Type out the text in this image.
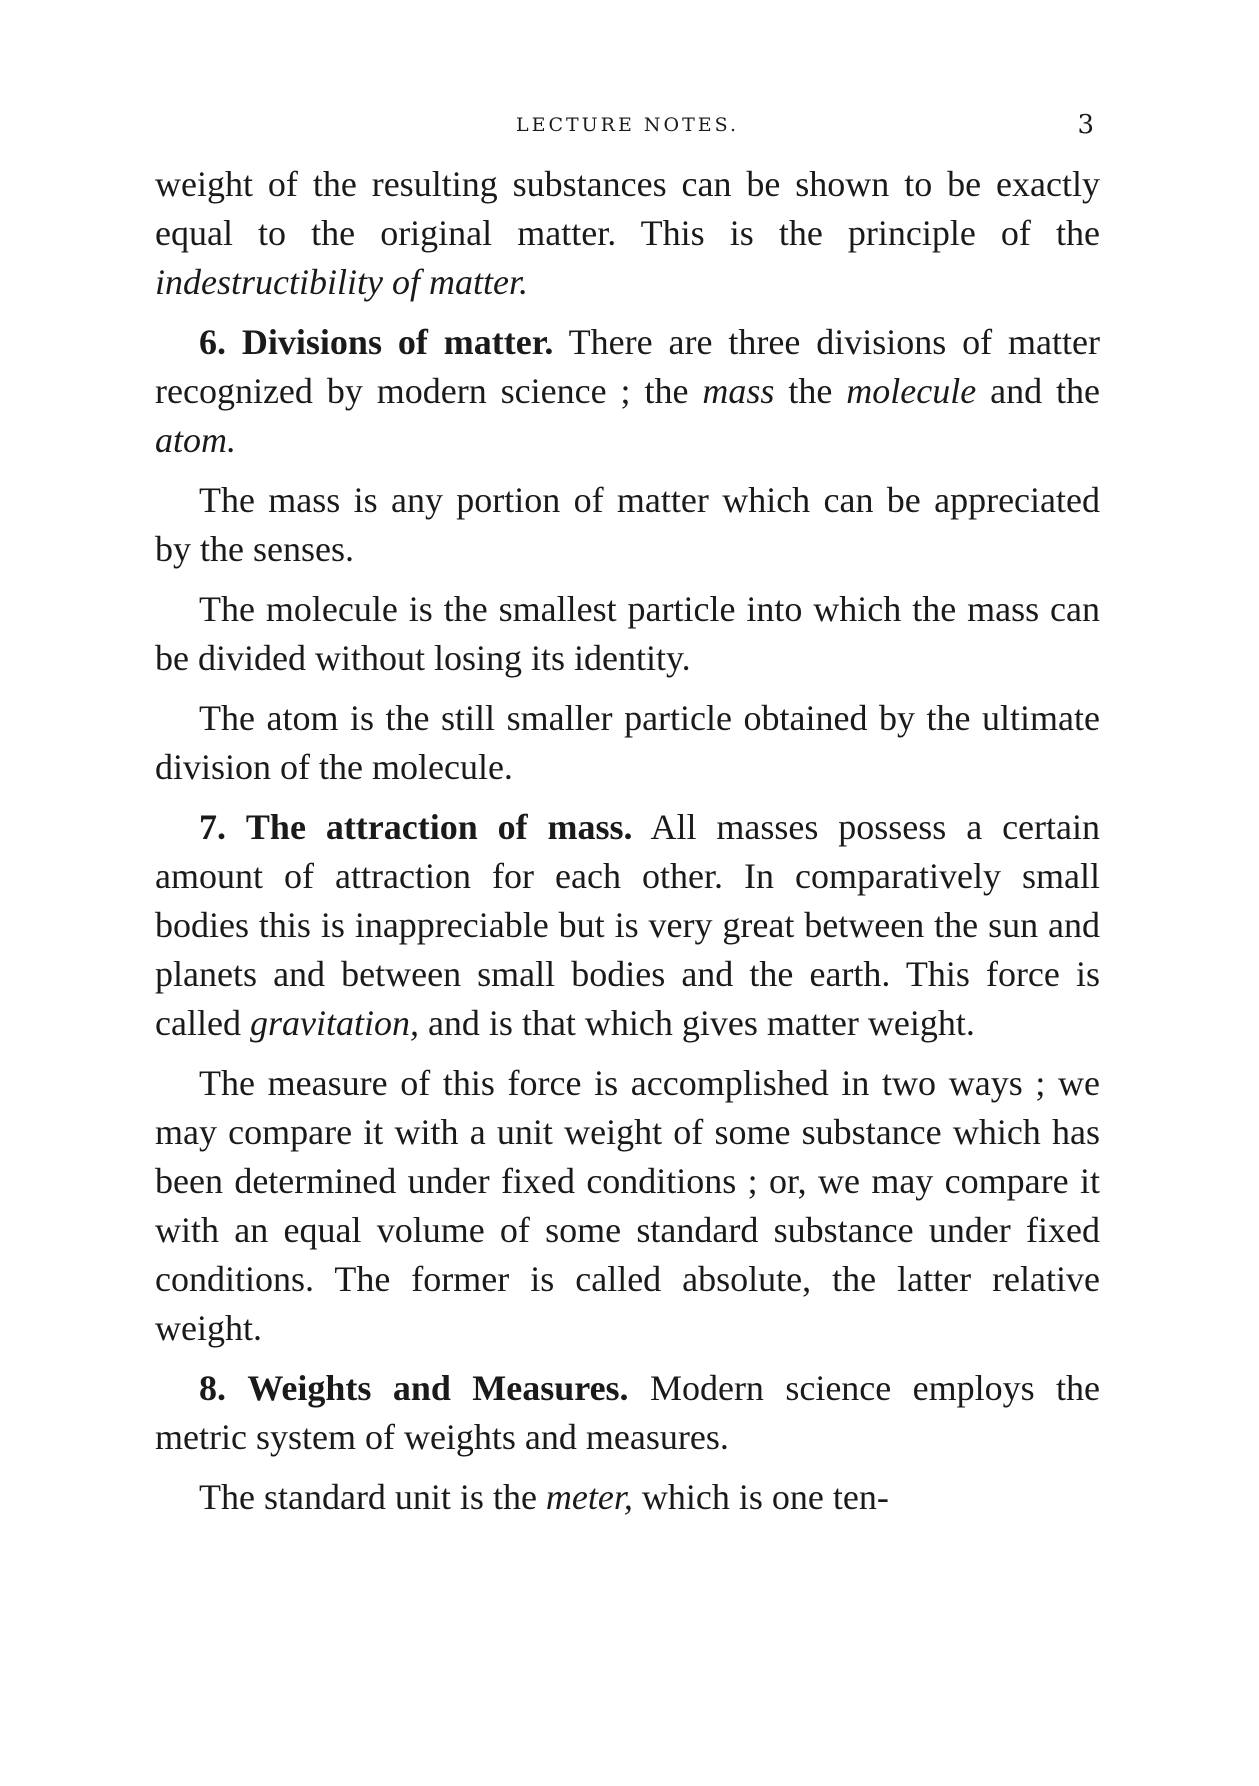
LECTURE NOTES.	3

weight of the resulting substances can be shown to be exactly equal to the original matter. This is the principle of the indestructibility of matter.

6. Divisions of matter. There are three divisions of matter recognized by modern science ; the mass the molecule and the atom.

The mass is any portion of matter which can be appreciated by the senses.

The molecule is the smallest particle into which the mass can be divided without losing its identity.

The atom is the still smaller particle obtained by the ultimate division of the molecule.

7. The attraction of mass. All masses possess a certain amount of attraction for each other. In comparatively small bodies this is inappreciable but is very great between the sun and planets and between small bodies and the earth. This force is called gravitation, and is that which gives matter weight.

The measure of this force is accomplished in two ways ; we may compare it with a unit weight of some substance which has been determined under fixed conditions ; or, we may compare it with an equal volume of some standard substance under fixed conditions. The former is called absolute, the latter relative weight.

8. Weights and Measures. Modern science employs the metric system of weights and measures.

The standard unit is the meter, which is one ten-
